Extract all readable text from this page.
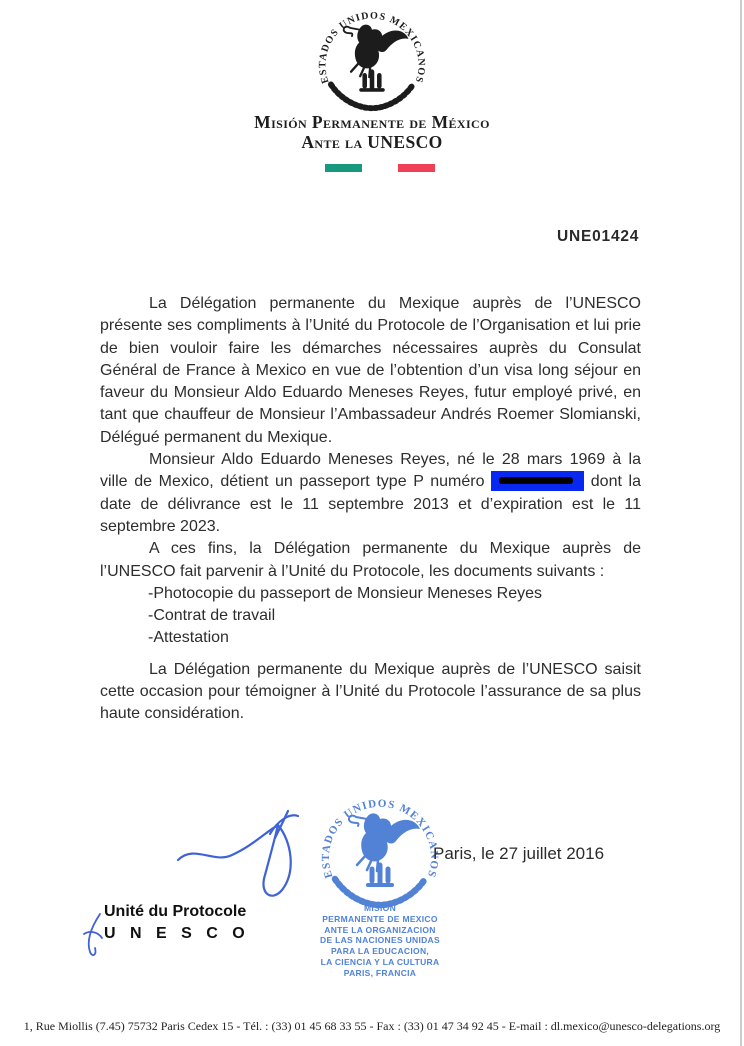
Misión Permanente de México
Ante la UNESCO

UNE01424

La Délégation permanente du Mexique auprès de l’UNESCO présente ses compliments à l’Unité du Protocole de l’Organisation et lui prie de bien vouloir faire les démarches nécessaires auprès du Consulat Général de France à Mexico en vue de l’obtention d’un visa long séjour en faveur du Monsieur Aldo Eduardo Meneses Reyes, futur employé privé, en tant que chauffeur de Monsieur l’Ambassadeur Andrés Roemer Slomianski, Délégué permanent du Mexique.

Monsieur Aldo Eduardo Meneses Reyes, né le 28 mars 1969 à la ville de Mexico, détient un passeport type P numéro	dont la date de délivrance est le 11 septembre 2013 et d’expiration est le 11 septembre 2023.

A ces fins, la Délégation permanente du Mexique auprès de l’UNESCO fait parvenir à l’Unité du Protocole, les documents suivants :

-Photocopie du passeport de Monsieur Meneses Reyes
-Contrat de travail
-Attestation

La Délégation permanente du Mexique auprès de l’UNESCO saisit cette occasion pour témoigner à l’Unité du Protocole l’assurance de sa plus haute considération.

MISIÓN
PERMANENTE DE MEXICO
ANTE LA ORGANIZACION
DE LAS NACIONES UNIDAS
PARA LA EDUCACION,
LA CIENCIA Y LA CULTURA
PARIS, FRANCIA
Paris, le 27 juillet 2016
Unité du Protocole
U N E S C O
1, Rue Miollis (7.45) 75732 Paris Cedex 15 - Tél. : (33) 01 45 68 33 55 - Fax : (33) 01 47 34 92 45 - E-mail : dl.mexico@unesco-delegations.org
